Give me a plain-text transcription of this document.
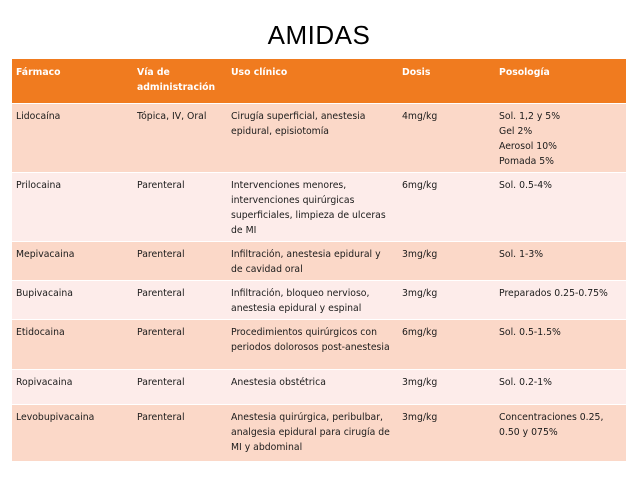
AMIDAS
Fármaco	Vía de administración	Uso clínico	Dosis	Posología
Lidocaína	Tópica, IV, Oral	Cirugía superficial, anestesia epidural, episiotomía	4mg/kg	Sol. 1,2 y 5%
Gel 2%
Aerosol 10%
Pomada 5%

Prilocaina	Parenteral	Intervenciones menores, intervenciones quirúrgicas superficiales, limpieza de ulceras de MI	6mg/kg	Sol. 0.5-4%
Mepivacaina	Parenteral	Infiltración, anestesia epidural y de cavidad oral	3mg/kg	Sol. 1-3%
Bupivacaina	Parenteral	Infiltración, bloqueo nervioso, anestesia epidural y espinal	3mg/kg	Preparados 0.25-0.75%
Etidocaina	Parenteral	Procedimientos quirúrgicos con periodos dolorosos post-anestesia	6mg/kg	Sol. 0.5-1.5%
Ropivacaina	Parenteral	Anestesia obstétrica	3mg/kg	Sol. 0.2-1%
Levobupivacaina	Parenteral	Anestesia quirúrgica, peribulbar, analgesia epidural para cirugía de MI y abdominal	3mg/kg	Concentraciones 0.25, 0.50 y 075%
